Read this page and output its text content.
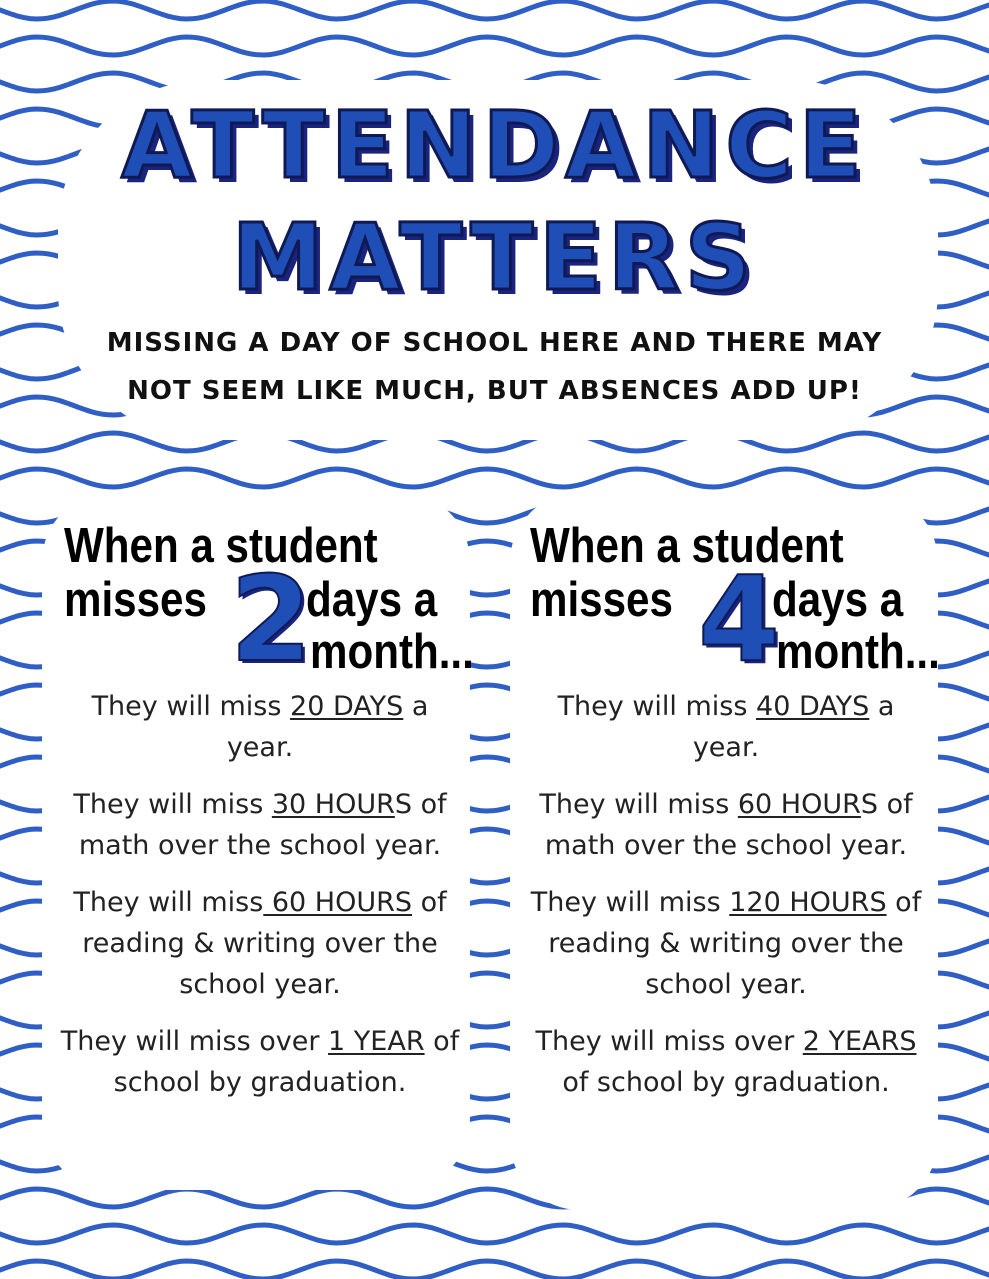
ATTENDANCE
MATTERS

MISSING A DAY OF SCHOOL HERE AND THERE MAY

NOT SEEM LIKE MUCH, BUT ABSENCES ADD UP!

When a student
misses 2
days a
month...

They will miss 20 DAYS a year.

They will miss 30 HOURS of math over the school year.

They will miss 60 HOURS of reading & writing over the school year.

They will miss over 1 YEAR of school by graduation.

When a student
misses 4
days a
month...

They will miss 40 DAYS a year.

They will miss 60 HOURS of math over the school year.

They will miss 120 HOURS of reading & writing over the school year.

They will miss over 2 YEARS of school by graduation.
